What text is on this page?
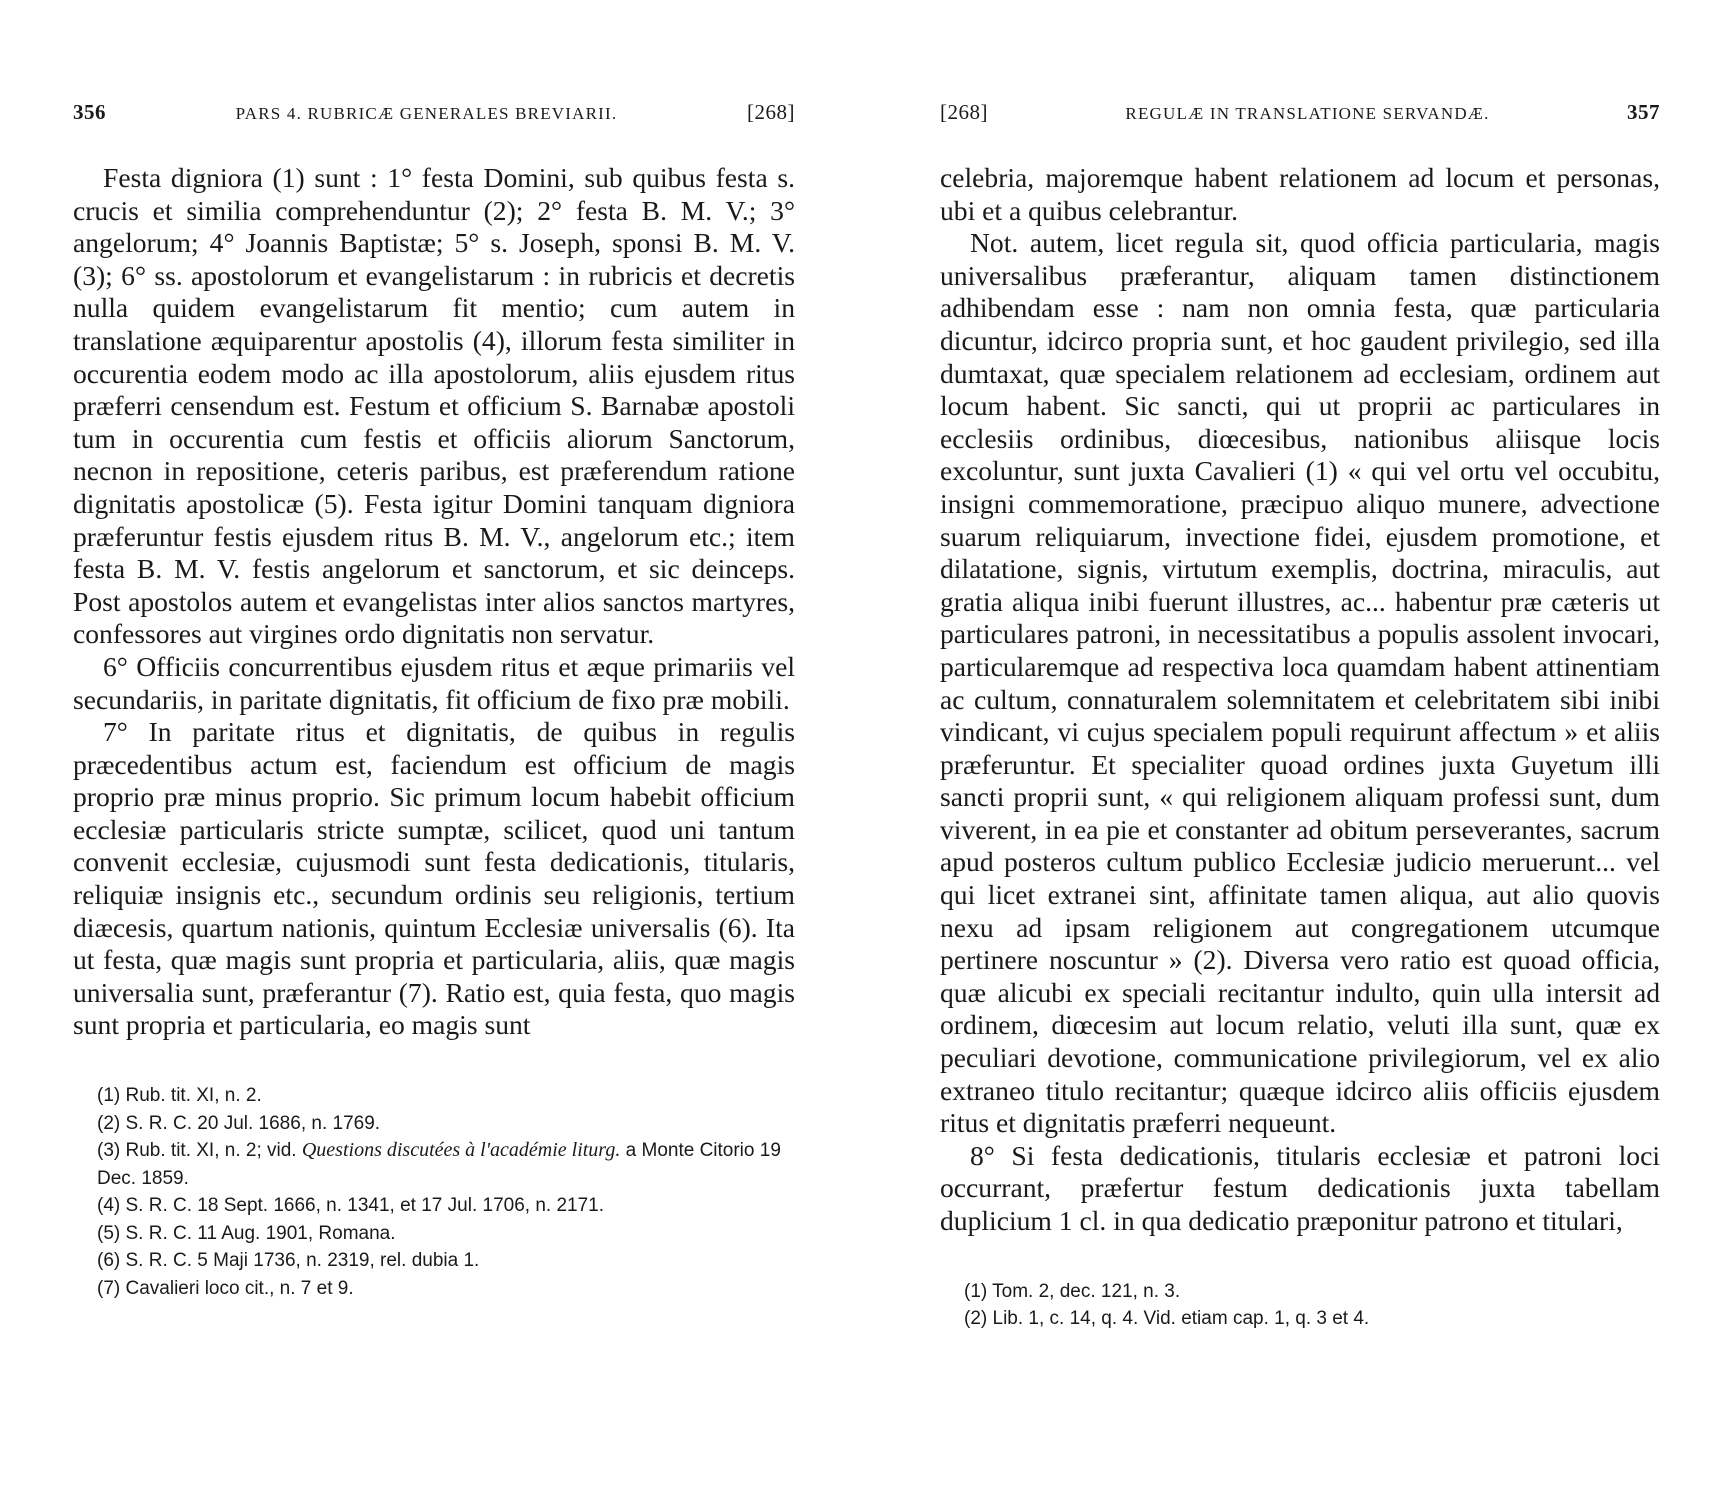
356	PARS 4. RUBRICÆ GENERALES BREVIARII.	[268]

Festa digniora (1) sunt : 1° festa Domini, sub quibus festa s. crucis et similia comprehenduntur (2); 2° festa B. M. V.; 3° angelorum; 4° Joannis Baptistæ; 5° s. Joseph, sponsi B. M. V. (3); 6° ss. apostolorum et evangelistarum : in rubricis et decretis nulla quidem evangelistarum fit mentio; cum autem in translatione æquiparentur apostolis (4), illorum festa similiter in occurentia eodem modo ac illa apostolorum, aliis ejusdem ritus præferri censendum est. Festum et officium S. Barnabæ apostoli tum in occurentia cum festis et officiis aliorum Sanctorum, necnon in repositione, ceteris paribus, est præferendum ratione dignitatis apostolicæ (5). Festa igitur Domini tanquam digniora præferuntur festis ejusdem ritus B. M. V., angelorum etc.; item festa B. M. V. festis angelorum et sanctorum, et sic deinceps. Post apostolos autem et evangelistas inter alios sanctos martyres, confessores aut virgines ordo dignitatis non servatur.

6° Officiis concurrentibus ejusdem ritus et æque primariis vel secundariis, in paritate dignitatis, fit officium de fixo præ mobili.

7° In paritate ritus et dignitatis, de quibus in regulis præcedentibus actum est, faciendum est officium de magis proprio præ minus proprio. Sic primum locum habebit officium ecclesiæ particularis stricte sumptæ, scilicet, quod uni tantum convenit ecclesiæ, cujusmodi sunt festa dedicationis, titularis, reliquiæ insignis etc., secundum ordinis seu religionis, tertium diæcesis, quartum nationis, quintum Ecclesiæ universalis (6). Ita ut festa, quæ magis sunt propria et particularia, aliis, quæ magis universalia sunt, præferantur (7). Ratio est, quia festa, quo magis sunt propria et particularia, eo magis sunt

(1) Rub. tit. XI, n. 2.
(2) S. R. C. 20 Jul. 1686, n. 1769.
(3) Rub. tit. XI, n. 2; vid. Questions discutées à l'académie liturg. a Monte Citorio 19 Dec. 1859.
(4) S. R. C. 18 Sept. 1666, n. 1341, et 17 Jul. 1706, n. 2171.
(5) S. R. C. 11 Aug. 1901, Romana.
(6) S. R. C. 5 Maji 1736, n. 2319, rel. dubia 1.
(7) Cavalieri loco cit., n. 7 et 9.
[268]	REGULÆ IN TRANSLATIONE SERVANDÆ.	357

celebria, majoremque habent relationem ad locum et personas, ubi et a quibus celebrantur.

Not. autem, licet regula sit, quod officia particularia, magis universalibus præferantur, aliquam tamen distinctionem adhibendam esse : nam non omnia festa, quæ particularia dicuntur, idcirco propria sunt, et hoc gaudent privilegio, sed illa dumtaxat, quæ specialem relationem ad ecclesiam, ordinem aut locum habent. Sic sancti, qui ut proprii ac particulares in ecclesiis ordinibus, diœcesibus, nationibus aliisque locis excoluntur, sunt juxta Cavalieri (1) « qui vel ortu vel occubitu, insigni commemoratione, præcipuo aliquo munere, advectione suarum reliquiarum, invectione fidei, ejusdem promotione, et dilatatione, signis, virtutum exemplis, doctrina, miraculis, aut gratia aliqua inibi fuerunt illustres, ac... habentur præ cæteris ut particulares patroni, in necessitatibus a populis assolent invocari, particularemque ad respectiva loca quamdam habent attinentiam ac cultum, connaturalem solemnitatem et celebritatem sibi inibi vindicant, vi cujus specialem populi requirunt affectum » et aliis præferuntur. Et specialiter quoad ordines juxta Guyetum illi sancti proprii sunt, « qui religionem aliquam professi sunt, dum viverent, in ea pie et constanter ad obitum perseverantes, sacrum apud posteros cultum publico Ecclesiæ judicio meruerunt... vel qui licet extranei sint, affinitate tamen aliqua, aut alio quovis nexu ad ipsam religionem aut congregationem utcumque pertinere noscuntur » (2). Diversa vero ratio est quoad officia, quæ alicubi ex speciali recitantur indulto, quin ulla intersit ad ordinem, diœcesim aut locum relatio, veluti illa sunt, quæ ex peculiari devotione, communicatione privilegiorum, vel ex alio extraneo titulo recitantur; quæque idcirco aliis officiis ejusdem ritus et dignitatis præferri nequeunt.

8° Si festa dedicationis, titularis ecclesiæ et patroni loci occurrant, præfertur festum dedicationis juxta tabellam duplicium 1 cl. in qua dedicatio præponitur patrono et titulari,

(1) Tom. 2, dec. 121, n. 3.
(2) Lib. 1, c. 14, q. 4. Vid. etiam cap. 1, q. 3 et 4.
